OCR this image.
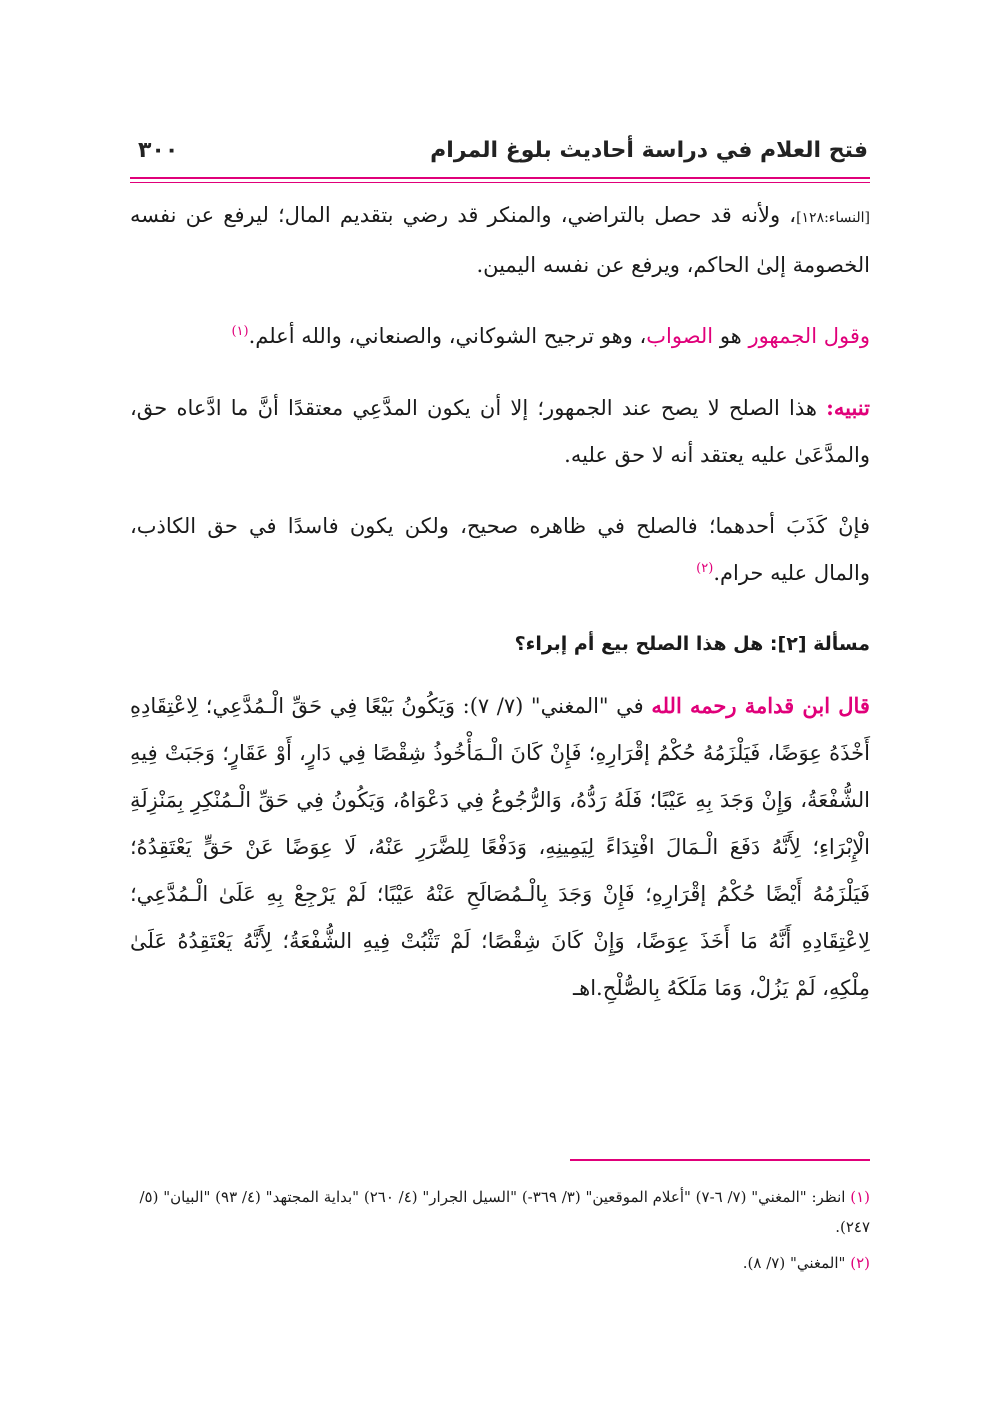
فتح العلام في دراسة أحاديث بلوغ المرام
٣٠٠

[النساء:١٢٨]، ولأنه قد حصل بالتراضي، والمنكر قد رضي بتقديم المال؛ ليرفع عن نفسه الخصومة إلىٰ الحاكم، ويرفع عن نفسه اليمين.

وقول الجمهور هو الصواب، وهو ترجيح الشوكاني، والصنعاني، والله أعلم.$^{(١)}$

تنبيه: هذا الصلح لا يصح عند الجمهور؛ إلا أن يكون المدَّعِي معتقدًا أنَّ ما ادَّعاه حق، والمدَّعَىٰ عليه يعتقد أنه لا حق عليه.

فإنْ كَذَبَ أحدهما؛ فالصلح في ظاهره صحيح، ولكن يكون فاسدًا في حق الكاذب، والمال عليه حرام.$^{(٢)}$

مسألة [٢]: هل هذا الصلح بيع أم إبراء؟

قال ابن قدامة رحمه الله في "المغني" (٧/ ٧): وَيَكُونُ بَيْعًا فِي حَقِّ الْـمُدَّعِي؛ لِاعْتِقَادِهِ أَخْذَهُ عِوَضًا، فَيَلْزَمُهُ حُكْمُ إقْرَارِهِ؛ فَإِنْ كَانَ الْـمَأْخُوذُ شِقْصًا فِي دَارٍ، أَوْ عَقَارٍ؛ وَجَبَتْ فِيهِ الشُّفْعَةُ، وَإِنْ وَجَدَ بِهِ عَيْبًا؛ فَلَهُ رَدُّهُ، وَالرُّجُوعُ فِي دَعْوَاهُ، وَيَكُونُ فِي حَقِّ الْـمُنْكِرِ بِمَنْزِلَةِ الْإِبْرَاءِ؛ لِأَنَّهُ دَفَعَ الْـمَالَ افْتِدَاءً لِيَمِينِهِ، وَدَفْعًا لِلضَّرَرِ عَنْهُ، لَا عِوَضًا عَنْ حَقٍّ يَعْتَقِدُهُ؛ فَيَلْزَمُهُ أَيْضًا حُكْمُ إقْرَارِهِ؛ فَإِنْ وَجَدَ بِالْـمُصَالَحِ عَنْهُ عَيْبًا؛ لَمْ يَرْجِعْ بِهِ عَلَىٰ الْـمُدَّعِي؛ لِاعْتِقَادِهِ أَنَّهُ مَا أَخَذَ عِوَضًا، وَإِنْ كَانَ شِقْصًا؛ لَمْ تَثْبُتْ فِيهِ الشُّفْعَةُ؛ لِأَنَّهُ يَعْتَقِدُهُ عَلَىٰ مِلْكِهِ، لَمْ يَزُلْ، وَمَا مَلَكَهُ بِالصُّلْحِ.اهـ

(١) انظر: "المغني" (٧/ ٦-٧) "أعلام الموقعين" (٣/ ٣٦٩-) "السيل الجرار" (٤/ ٢٦٠) "بداية المجتهد" (٤/ ٩٣) "البيان" (٥/ ٢٤٧).

(٢) "المغني" (٧/ ٨).
